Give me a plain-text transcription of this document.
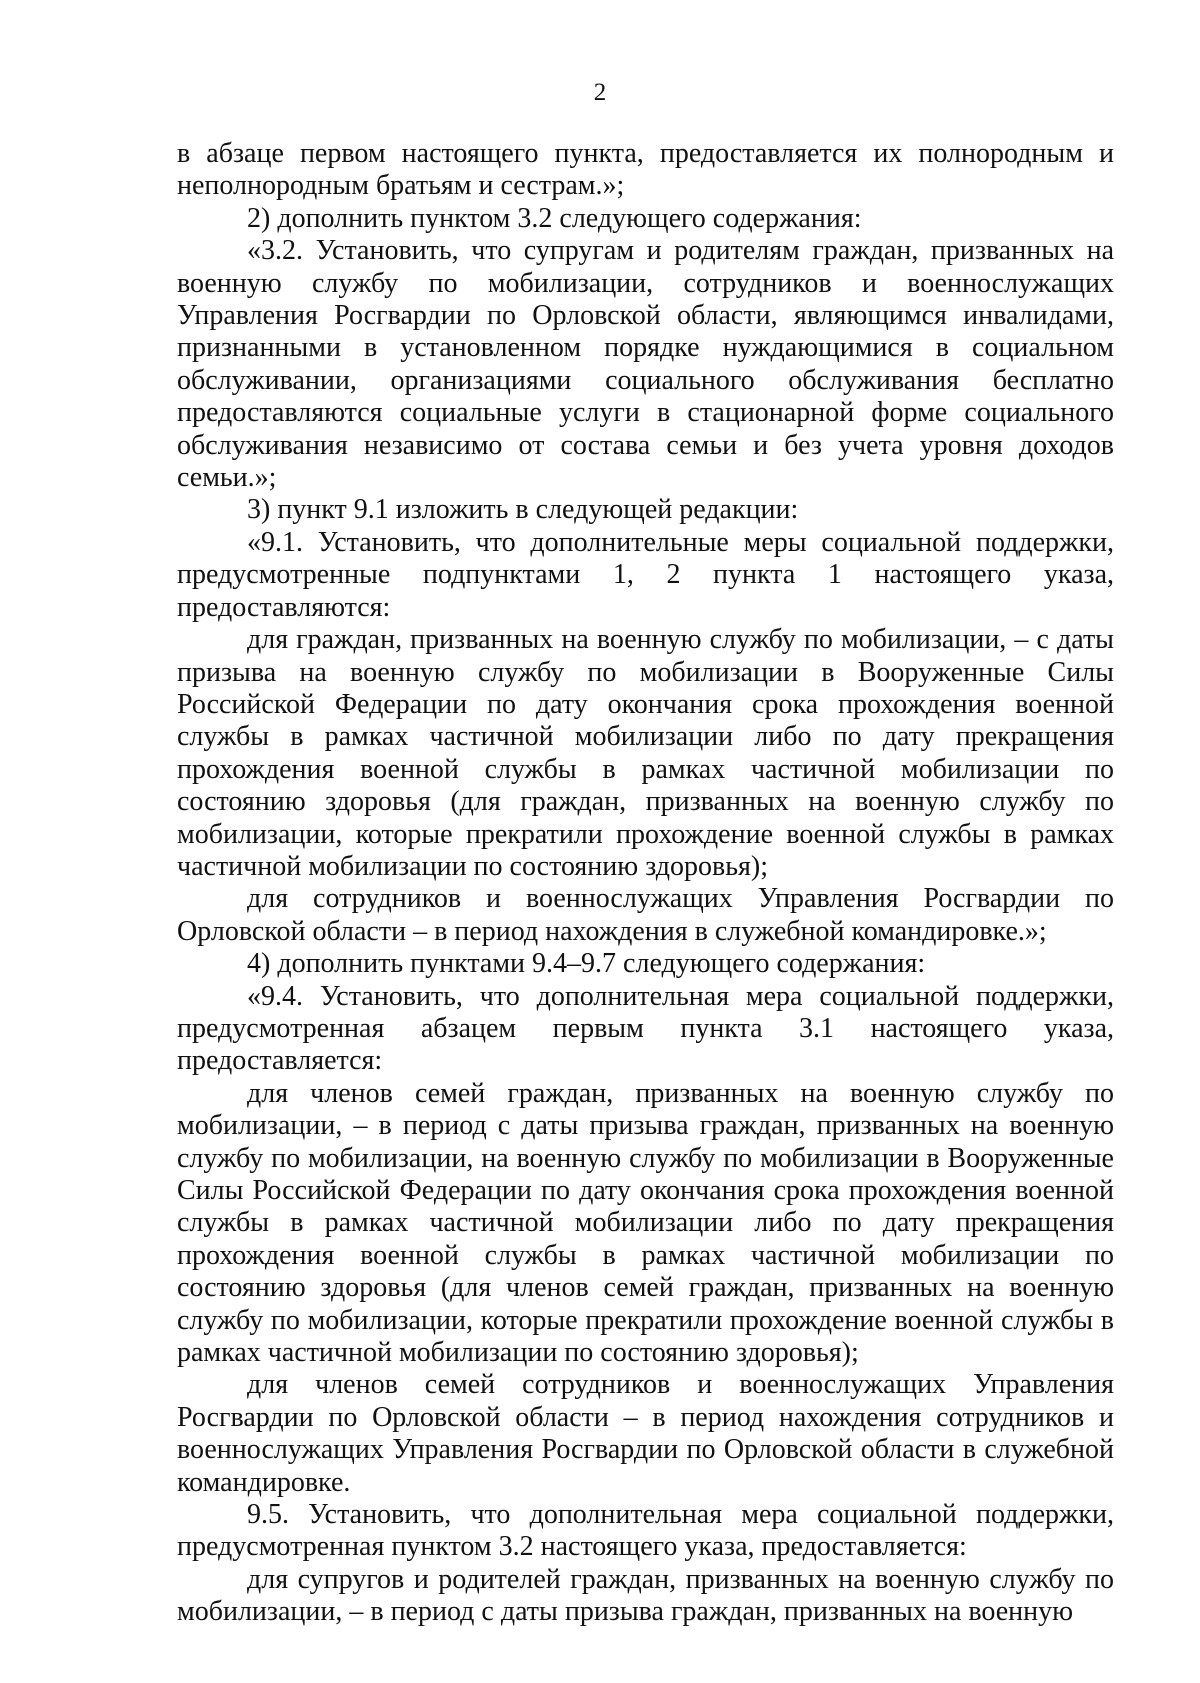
2

в абзаце первом настоящего пункта, предоставляется их полнородным и неполнородным братьям и сестрам.»;

2) дополнить пунктом 3.2 следующего содержания:

«3.2. Установить, что супругам и родителям граждан, призванных на военную службу по мобилизации, сотрудников и военнослужащих Управления Росгвардии по Орловской области, являющимся инвалидами, признанными в установленном порядке нуждающимися в социальном обслуживании, организациями социального обслуживания бесплатно предоставляются социальные услуги в стационарной форме социального обслуживания независимо от состава семьи и без учета уровня доходов семьи.»;

3) пункт 9.1 изложить в следующей редакции:

«9.1. Установить, что дополнительные меры социальной поддержки, предусмотренные подпунктами 1, 2 пункта 1 настоящего указа, предоставляются:

для граждан, призванных на военную службу по мобилизации, – с даты призыва на военную службу по мобилизации в Вооруженные Силы Российской Федерации по дату окончания срока прохождения военной службы в рамках частичной мобилизации либо по дату прекращения прохождения военной службы в рамках частичной мобилизации по состоянию здоровья (для граждан, призванных на военную службу по мобилизации, которые прекратили прохождение военной службы в рамках частичной мобилизации по состоянию здоровья);

для сотрудников и военнослужащих Управления Росгвардии по Орловской области – в период нахождения в служебной командировке.»;

4) дополнить пунктами 9.4–9.7 следующего содержания:

«9.4. Установить, что дополнительная мера социальной поддержки, предусмотренная абзацем первым пункта 3.1 настоящего указа, предоставляется:

для членов семей граждан, призванных на военную службу по мобилизации, – в период с даты призыва граждан, призванных на военную службу по мобилизации, на военную службу по мобилизации в Вооруженные Силы Российской Федерации по дату окончания срока прохождения военной службы в рамках частичной мобилизации либо по дату прекращения прохождения военной службы в рамках частичной мобилизации по состоянию здоровья (для членов семей граждан, призванных на военную службу по мобилизации, которые прекратили прохождение военной службы в рамках частичной мобилизации по состоянию здоровья);

для членов семей сотрудников и военнослужащих Управления Росгвардии по Орловской области – в период нахождения сотрудников и военнослужащих Управления Росгвардии по Орловской области в служебной командировке.

9.5. Установить, что дополнительная мера социальной поддержки, предусмотренная пунктом 3.2 настоящего указа, предоставляется:

для супругов и родителей граждан, призванных на военную службу по мобилизации, – в период с даты призыва граждан, призванных на военную
